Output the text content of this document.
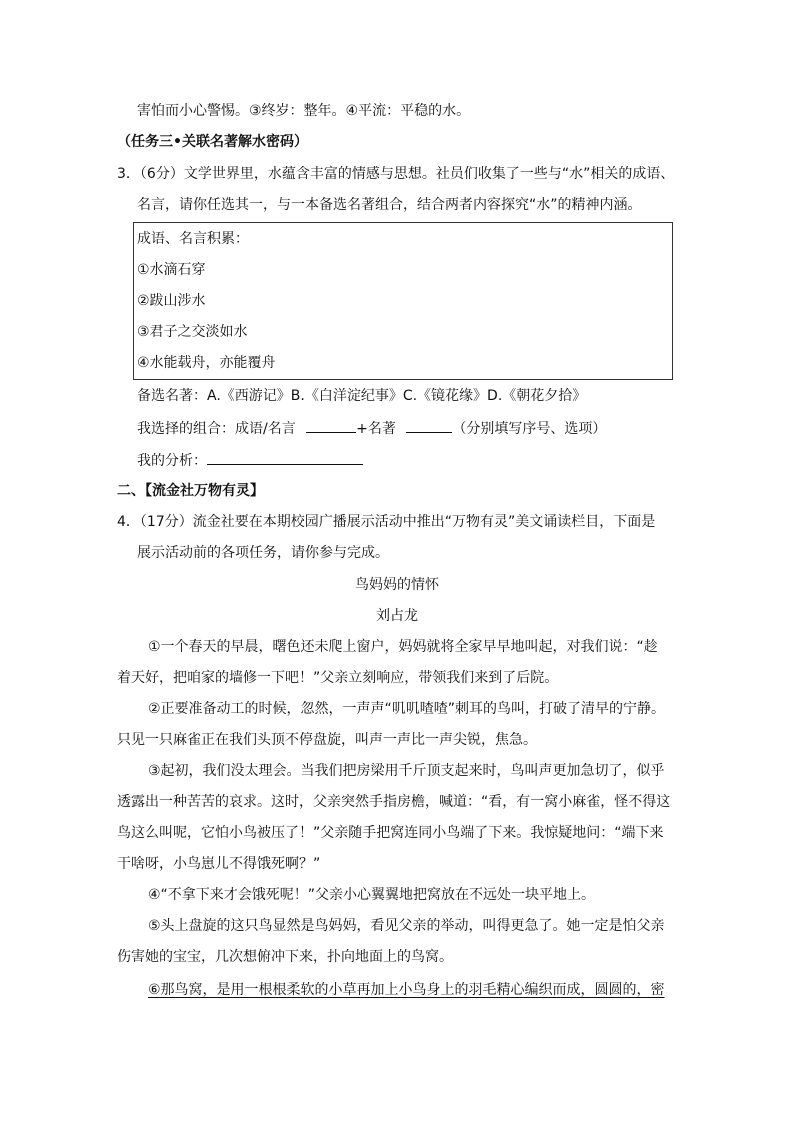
害怕而小心警惕。③终岁：整年。④平流：平稳的水。
（任务三•关联名著解水密码）
3．（6分）文学世界里，水蕴含丰富的情感与思想。社员们收集了一些与“水”相关的成语、
名言，请你任选其一，与一本备选名著组合，结合两者内容探究“水”的精神内涵。
成语、名言积累：
①水滴石穿
②跋山涉水
③君子之交淡如水
④水能载舟，亦能覆舟
备选名著：A.《西游记》B.《白洋淀纪事》C.《镜花缘》D.《朝花夕拾》
我选择的组合：成语/名言	+名著	（分别填写序号、选项）
我的分析：
二、【流金社万物有灵】
4．（17分）流金社要在本期校园广播展示活动中推出“万物有灵”美文诵读栏目，下面是
展示活动前的各项任务，请你参与完成。
鸟妈妈的情怀
刘占龙
①一个春天的早晨，曙色还未爬上窗户，妈妈就将全家早早地叫起，对我们说：“趁
着天好，把咱家的墙修一下吧！”父亲立刻响应，带领我们来到了后院。
②正要准备动工的时候，忽然，一声声“叽叽喳喳”刺耳的鸟叫，打破了清早的宁静。
只见一只麻雀正在我们头顶不停盘旋，叫声一声比一声尖锐，焦急。
③起初，我们没太理会。当我们把房梁用千斤顶支起来时，鸟叫声更加急切了，似乎
透露出一种苦苦的哀求。这时，父亲突然手指房檐，喊道：“看，有一窝小麻雀，怪不得这
鸟这么叫呢，它怕小鸟被压了！”父亲随手把窝连同小鸟端了下来。我惊疑地问：“端下来
干啥呀，小鸟崽儿不得饿死啊？”
④“不拿下来才会饿死呢！”父亲小心翼翼地把窝放在不远处一块平地上。
⑤头上盘旋的这只鸟显然是鸟妈妈，看见父亲的举动，叫得更急了。她一定是怕父亲
伤害她的宝宝，几次想俯冲下来，扑向地面上的鸟窝。
⑥那鸟窝，是用一根根柔软的小草再加上小鸟身上的羽毛精心编织而成，圆圆的，密
